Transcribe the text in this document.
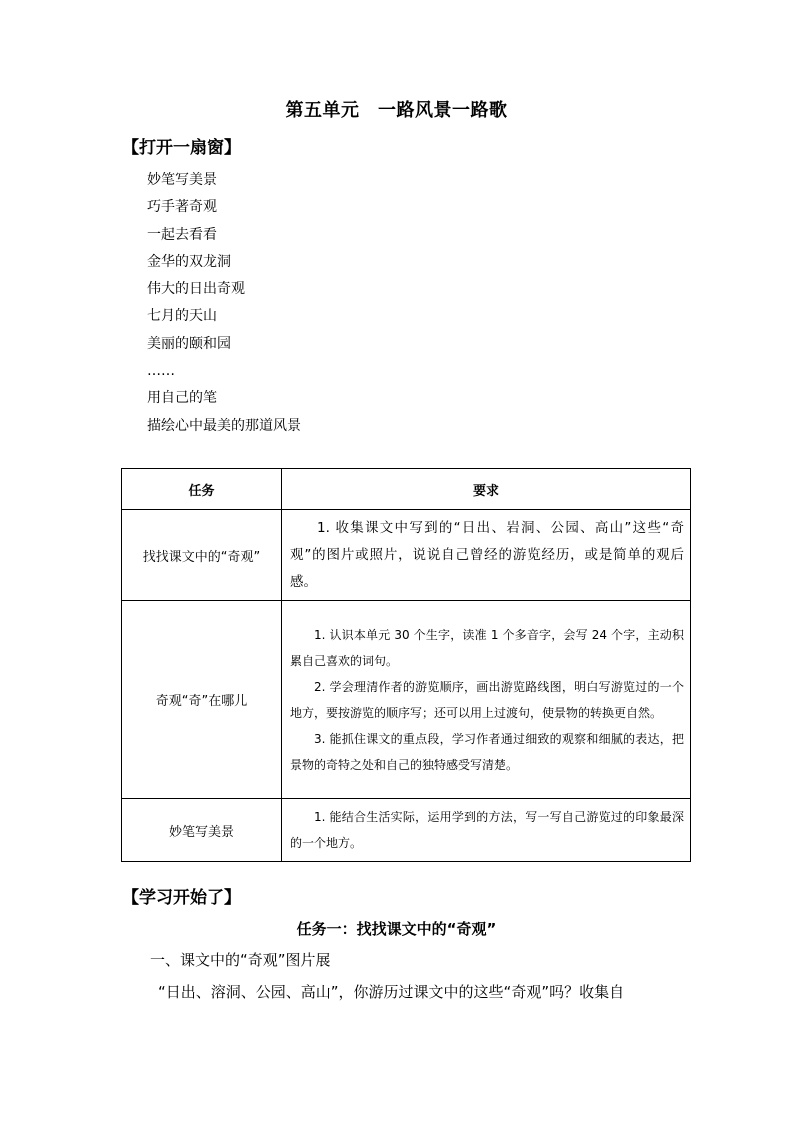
第五单元　一路风景一路歌
【打开一扇窗】
妙笔写美景
巧手著奇观
一起去看看
金华的双龙洞
伟大的日出奇观
七月的天山
美丽的颐和园
……
用自己的笔
描绘心中最美的那道风景
任务	要求
找找课文中的“奇观”	1. 收集课文中写到的“日出、岩洞、公园、高山”这些“奇观”的图片或照片，说说自己曾经的游览经历，或是简单的观后感。

奇观“奇”在哪儿	1. 认识本单元 30 个生字，读准 1 个多音字，会写 24 个字，主动积累自己喜欢的词句。

2. 学会理清作者的游览顺序，画出游览路线图，明白写游览过的一个地方，要按游览的顺序写；还可以用上过渡句，使景物的转换更自然。

3. 能抓住课文的重点段，学习作者通过细致的观察和细腻的表达，把景物的奇特之处和自己的独特感受写清楚。

妙笔写美景	1. 能结合生活实际，运用学到的方法，写一写自己游览过的印象最深的一个地方。

【学习开始了】
任务一：找找课文中的“奇观”
一、课文中的“奇观”图片展
“日出、溶洞、公园、高山”，你游历过课文中的这些“奇观”吗？收集自
